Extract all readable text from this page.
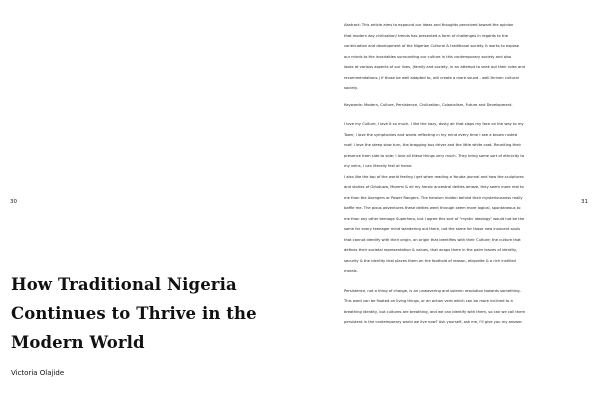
30	31
How Traditional Nigeria
Continues to Thrive in the
Modern World
Victoria Olajide
Abstract: This article aims to expound our ideas and thoughts perceived toward the opinion
that modern day civilization/ trends has presented a form of challenges in regards to the
continuation and development of the Nigerian Cultural & traditional society. It works to expose
our minds to the invariables surrounding our culture in this contemporary society and also
looks at various aspects of our lives, (family and society, in an attempt to seek out their roles and
recommendations.) If those be well adapted to, will create a more sound - well thriven cultural
society.
Keywords: Modern, Culture, Persistence, Civilization, Colonialism, Future and Development.
I love my Culture, I love it so much. I like the hazy, dusty air that slaps my face on the way to my
Town; I love the symphonies and words reflecting in my mind every time I see a brown rusted
roof; I love the steep slow turn, the bragging bus driver and the little white coat. Reuniting their
presence from side to side; I love all these things very much. They bring some sort of ethnicity to
my veins, I can literally feel at home.
I also like the top of the world feeling I get when reading a Yoruba journal and how the sculptures
and stories of Oduduwa, Moremi & all my heroic ancestral deities amaze, they seem more real to
me than the Avengers or Power Rangers. The heroism hidden behind their mysteriousness really
baffle me. The pious adventures these deities went through seem more logical, spontaneous to
me than any other teenage Superhero, but I agree this sort of "mystic ideology" would not be the
same for every teenager mind wandering out there, not the same for those new innocent souls
that cannot identify with their origin, an origin that identifies with their Culture; the culture that
defines their societal representation & values, that wraps them in the palm leaves of identity,
security & the identity that places them on the foothold of reason, etiquette & a rich instilled
morals.
Persistence, not a thing of change, is an unwavering and solemn resolution towards something.
This word can be fixated on living things, or an action verb which can be more inclined to a
breathing identity, but cultures are breathing, and we can identify with them, so can we call them
persistent in the contemporary world we live now? Ask yourself, ask me, I'll give you my answer.
